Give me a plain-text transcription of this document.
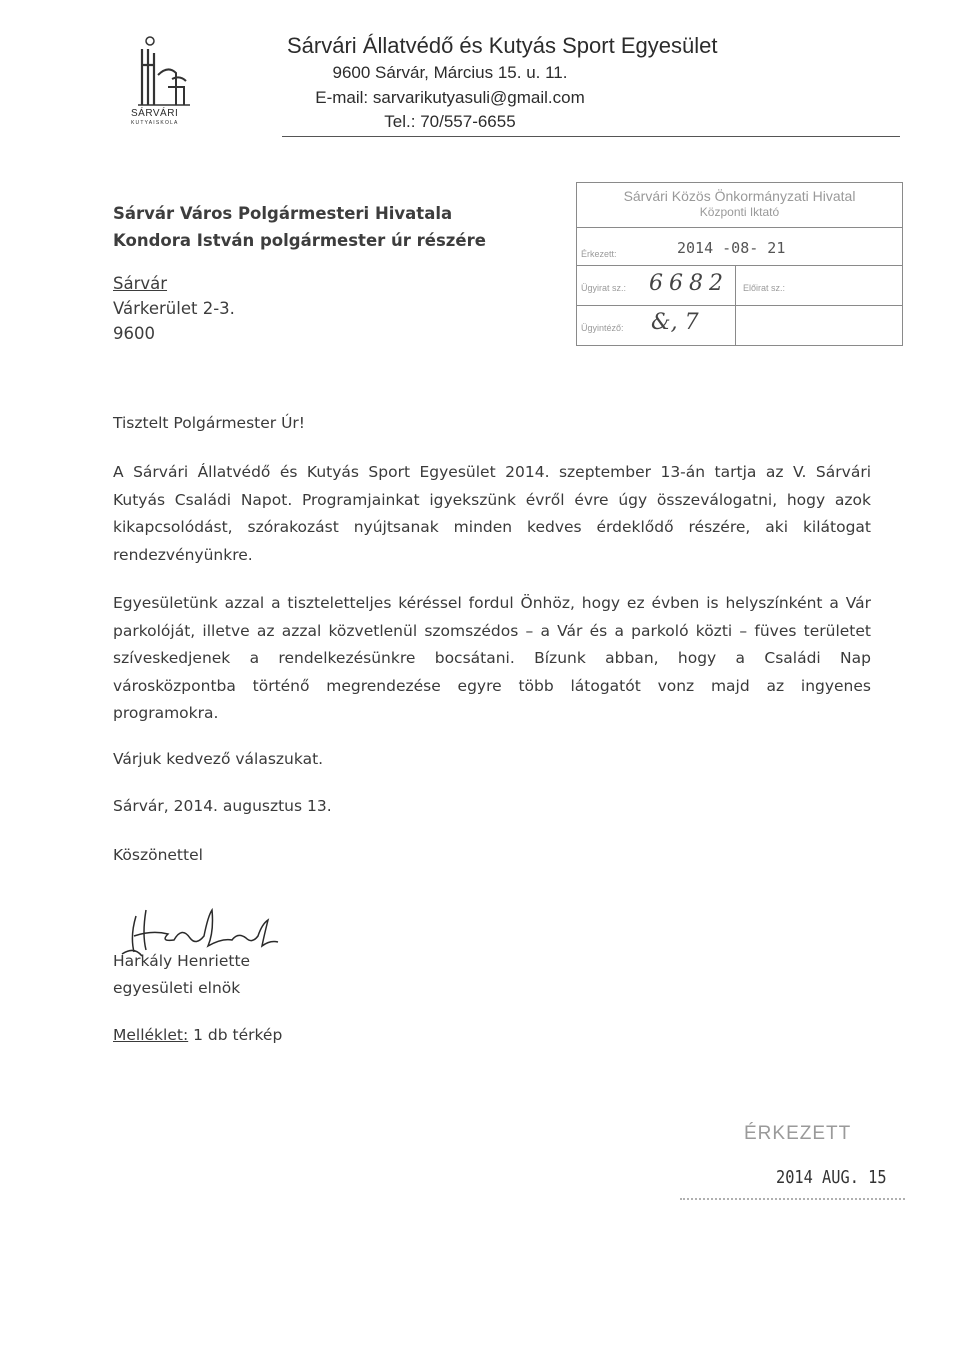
SÁRVÁRI
KUTYAISKOLA
Sárvári Állatvédő és Kutyás Sport Egyesület
9600 Sárvár, Március 15. u. 11.
E-mail: sarvarikutyasuli@gmail.com
Tel.: 70/557-6655
Sárvár Város Polgármesteri Hivatala
Kondora István polgármester úr részére
Sárvár
Várkerület 2-3.
9600
Sárvári Közös Önkormányzati Hivatal
Központi Iktató
Érkezett:	2014 -08- 21
Ügyirat sz.: 6682 Előirat sz.:
Ügyintéző: &, 7
Tisztelt Polgármester Úr!
A Sárvári Állatvédő és Kutyás Sport Egyesület 2014. szeptember 13-án tartja az V. Sárvári
Kutyás Családi Napot. Programjainkat igyekszünk évről évre úgy összeválogatni, hogy azok
kikapcsolódást, szórakozást nyújtsanak minden kedves érdeklődő részére, aki kilátogat
rendezvényünkre.
Egyesületünk azzal a tiszteletteljes kéréssel fordul Önhöz, hogy ez évben is helyszínként a Vár
parkolóját, illetve az azzal közvetlenül szomszédos – a Vár és a parkoló közti – füves területet
szíveskedjenek a rendelkezésünkre bocsátani. Bízunk abban, hogy a Családi Nap
városközpontba történő megrendezése egyre több látogatót vonz majd az ingyenes
programokra.
Várjuk kedvező válaszukat.
Sárvár, 2014. augusztus 13.
Köszönettel
Harkály Henriette
egyesületi elnök
Melléklet: 1 db térkép
ÉRKEZETT
2014 AUG. 15
